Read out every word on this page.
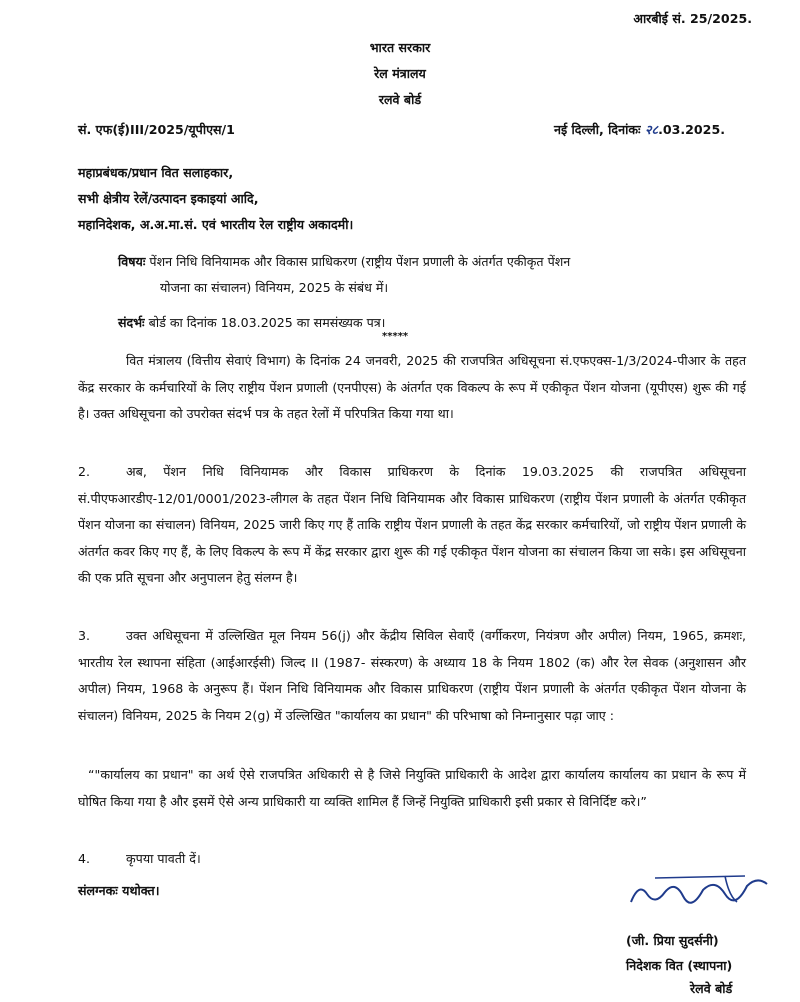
आरबीई सं. 25/2025.
भारत सरकार
रेल मंत्रालय
रलवे बोर्ड
सं. एफ(ई)III/2025/यूपीएस/1	नई दिल्ली, दिनांकः २८.03.2025.
महाप्रबंधक/प्रधान वित सलाहकार,
सभी क्षेत्रीय रेलें/उत्पादन इकाइयां आदि,
महानिदेशक, अ.अ.मा.सं. एवं भारतीय रेल राष्ट्रीय अकादमी।
विषयः पेंशन निधि विनियामक और विकास प्राधिकरण (राष्ट्रीय पेंशन प्रणाली के अंतर्गत एकीकृत पेंशन
योजना का संचालन) विनियम, 2025 के संबंध में।
संदर्भः बोर्ड का दिनांक 18.03.2025 का समसंख्यक पत्र।
*****
वित मंत्रालय (वित्तीय सेवाएं विभाग) के दिनांक 24 जनवरी, 2025 की राजपत्रित अधिसूचना सं.एफएक्स-1/3/2024-पीआर के तहत केंद्र सरकार के कर्मचारियों के लिए राष्ट्रीय पेंशन प्रणाली (एनपीएस) के अंतर्गत एक विकल्प के रूप में एकीकृत पेंशन योजना (यूपीएस) शुरू की गई है। उक्त अधिसूचना को उपरोक्त संदर्भ पत्र के तहत रेलों में परिपत्रित किया गया था।
2.	अब, पेंशन निधि विनियामक और विकास प्राधिकरण के दिनांक 19.03.2025 की राजपत्रित अधिसूचना सं.पीएफआरडीए-12/01/0001/2023-लीगल के तहत पेंशन निधि विनियामक और विकास प्राधिकरण (राष्ट्रीय पेंशन प्रणाली के अंतर्गत एकीकृत पेंशन योजना का संचालन) विनियम, 2025 जारी किए गए हैं ताकि राष्ट्रीय पेंशन प्रणाली के तहत केंद्र सरकार कर्मचारियों, जो राष्ट्रीय पेंशन प्रणाली के अंतर्गत कवर किए गए हैं, के लिए विकल्प के रूप में केंद्र सरकार द्वारा शुरू की गई एकीकृत पेंशन योजना का संचालन किया जा सके। इस अधिसूचना की एक प्रति सूचना और अनुपालन हेतु संलग्न है।
3.	उक्त अधिसूचना में उल्लिखित मूल नियम 56(j) और केंद्रीय सिविल सेवाएँ (वर्गीकरण, नियंत्रण और अपील) नियम, 1965, क्रमशः, भारतीय रेल स्थापना संहिता (आईआरईसी) जिल्द II (1987- संस्करण) के अध्याय 18 के नियम 1802 (क) और रेल सेवक (अनुशासन और अपील) नियम, 1968 के अनुरूप हैं। पेंशन निधि विनियामक और विकास प्राधिकरण (राष्ट्रीय पेंशन प्रणाली के अंतर्गत एकीकृत पेंशन योजना के संचालन) विनियम, 2025 के नियम 2(g) में उल्लिखित "कार्यालय का प्रधान" की परिभाषा को निम्नानुसार पढ़ा जाए :
“"कार्यालय का प्रधान" का अर्थ ऐसे राजपत्रित अधिकारी से है जिसे नियुक्ति प्राधिकारी के आदेश द्वारा कार्यालय कार्यालय का प्रधान के रूप में घोषित किया गया है और इसमें ऐसे अन्य प्राधिकारी या व्यक्ति शामिल हैं जिन्हें नियुक्ति प्राधिकारी इसी प्रकार से विनिर्दिष्ट करे।”
4.	कृपया पावती दें।
संलग्नकः यथोक्त।
(जी. प्रिया सुदर्सनी)
निदेशक वित (स्थापना)
रेलवे बोर्ड
